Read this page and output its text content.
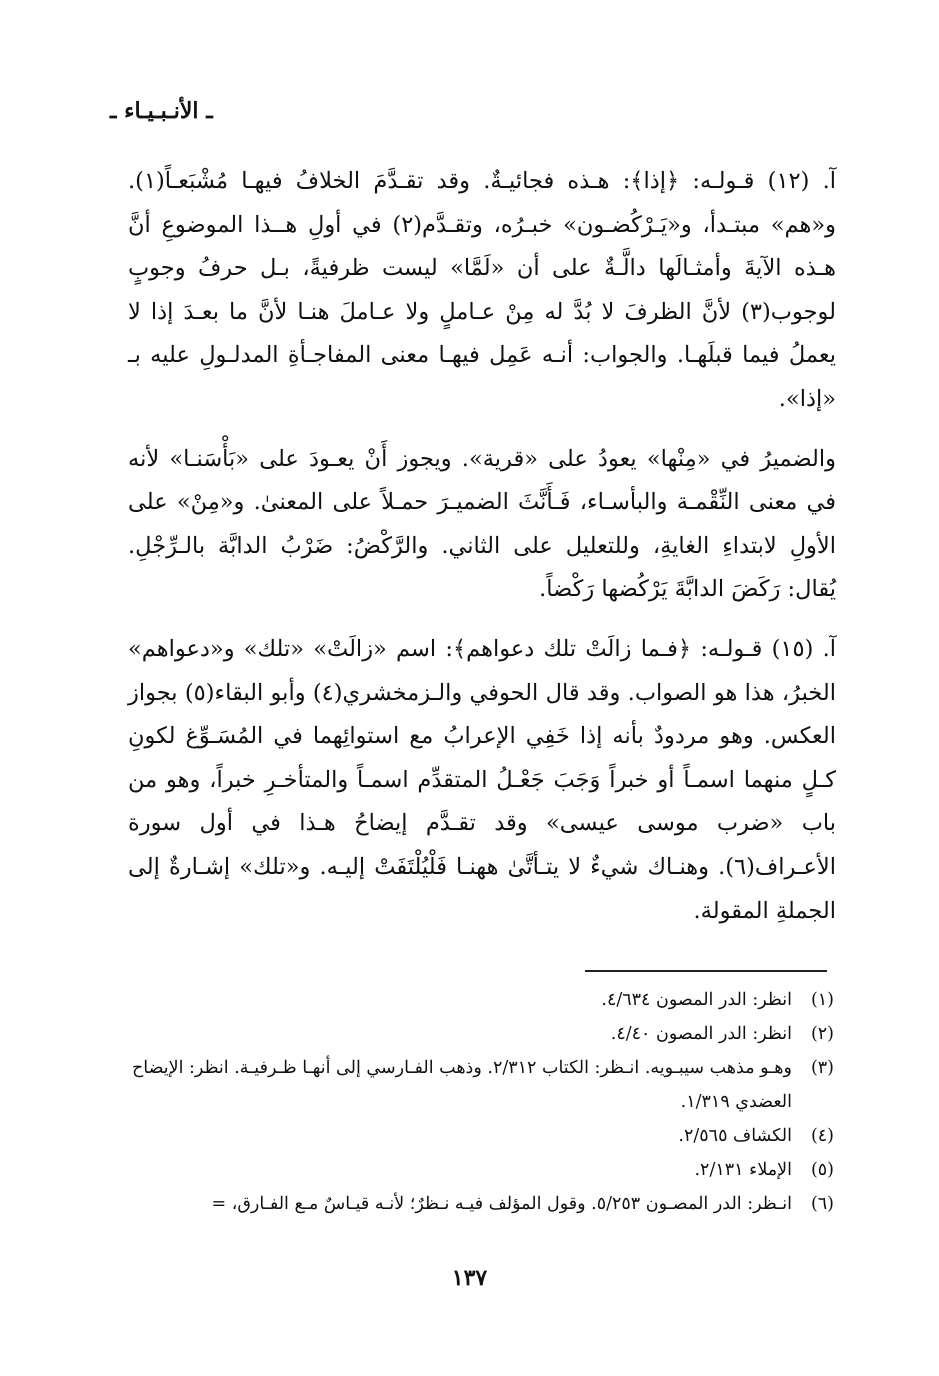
ـ الأنـبـيـاء ـ

آ. (١٢) قـولـه: ﴿إذا﴾: هـذه فجائيـةٌ. وقد تقـدَّمَ الخلافُ فيهـا مُشْبَعـاً(١). و«هم» مبتـدأ، و«يَـرْكُضـون» خبـرُه، وتقـدَّم(٢) في أولِ هــذا الموضوعِ أنَّ هـذه الآيةَ وأمثـالَها دالَّـةٌ على أن «لَمَّا» ليست ظرفيةً، بـل حرفُ وجوبٍ لوجوب(٣) لأنَّ الظرفَ لا بُدَّ له مِنْ عـاملٍ ولا عـاملَ هنـا لأنَّ ما بعـدَ إذا لا يعملُ فيما قبلَهـا. والجواب: أنـه عَمِل فيهـا معنى المفاجـأةِ المدلـولِ عليه بـ «إذا».

والضميرُ في «مِنْها» يعودُ على «قرية». ويجوز أَنْ يعـودَ على «بَأْسَنـا» لأنه في معنى النِّقْمـة والبأسـاء، فَـأَنَّثَ الضميـرَ حمـلاً على المعنىٰ. و«مِنْ» على الأولِ لابتداءِ الغايةِ، وللتعليل على الثاني. والرَّكْضُ: ضَرْبُ الدابَّة بالـرِّجْلِ. يُقال: رَكَضَ الدابَّةَ يَرْكُضها رَكْضاً.

آ. (١٥) قـولـه: ﴿فـما زالَتْ تلك دعواهم﴾: اسم «زالَتْ» «تلك» و«دعواهم» الخبرُ، هذا هو الصواب. وقد قال الحوفي والـزمخشري(٤) وأبو البقاء(٥) بجواز العكس. وهو مردودٌ بأنه إذا خَفِي الإعرابُ مع استوائِهما في المُسَـوِّغ لكونِ كـلٍ منهما اسمـاً أو خبراً وَجَبَ جَعْـلُ المتقدِّم اسمـاً والمتأخـرِ خبراً، وهو من باب «ضرب موسى عيسى» وقد تقـدَّم إيضاحُ هـذا في أول سورة الأعـراف(٦). وهنـاك شيءٌ لا يتـأتَّىٰ ههنـا فَلْيُلْتَفَتْ إليـه. و«تلك» إشـارةٌ إلى الجملةِ المقولة.

(١)
انظر: الدر المصون ٤/٦٣٤.
(٢)
انظر: الدر المصون ٤/٤٠.
(٣)
وهـو مذهب سيبـويه. انـظر: الكتاب ٢/٣١٢. وذهب الفـارسي إلى أنهـا ظـرفيـة. انظر: الإيضاح العضدي ١/٣١٩.
(٤)
الكشاف ٢/٥٦٥.
(٥)
الإملاء ٢/١٣١.
(٦)
انـظر: الدر المصـون ٥/٢٥٣. وقول المؤلف فيـه نـظرٌ؛ لأنـه قيـاسٌ مـع الفـارق، =
١٣٧
